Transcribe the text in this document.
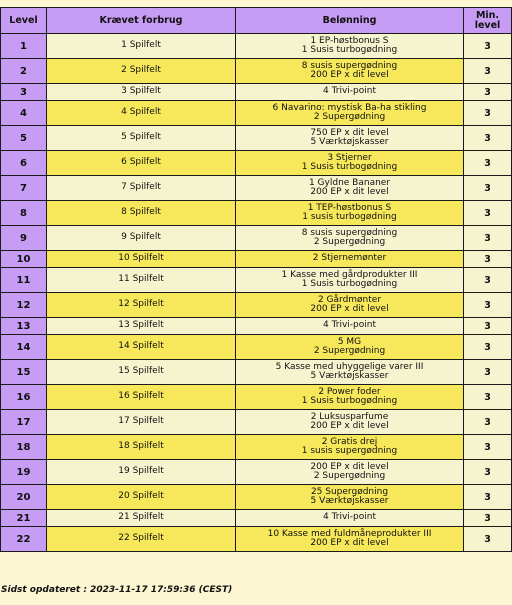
Level	Krævet forbrug	Belønning	Min.
level
1	1 Spilfelt	1 EP-høstbonus S
1 Susis turbogødning	3
2	2 Spilfelt	8 susis supergødning
200 EP x dit level	3
3	3 Spilfelt	4 Trivi-point	3
4	4 Spilfelt	6 Navarino: mystisk Ba-ha stikling
2 Supergødning	3
5	5 Spilfelt	750 EP x dit level
5 Værktøjskasser	3
6	6 Spilfelt	3 Stjerner
1 Susis turbogødning	3
7	7 Spilfelt	1 Gyldne Bananer
200 EP x dit level	3
8	8 Spilfelt	1 TEP-høstbonus S
1 susis turbogødning	3
9	9 Spilfelt	8 susis supergødning
2 Supergødning	3
10	10 Spilfelt	2 Stjernemønter	3
11	11 Spilfelt	1 Kasse med gårdprodukter III
1 Susis turbogødning	3
12	12 Spilfelt	2 Gårdmønter
200 EP x dit level	3
13	13 Spilfelt	4 Trivi-point	3
14	14 Spilfelt	5 MG
2 Supergødning	3
15	15 Spilfelt	5 Kasse med uhyggelige varer III
5 Værktøjskasser	3
16	16 Spilfelt	2 Power foder
1 Susis turbogødning	3
17	17 Spilfelt	2 Luksusparfume
200 EP x dit level	3
18	18 Spilfelt	2 Gratis drej
1 susis supergødning	3
19	19 Spilfelt	200 EP x dit level
2 Supergødning	3
20	20 Spilfelt	25 Supergødning
5 Værktøjskasser	3
21	21 Spilfelt	4 Trivi-point	3
22	22 Spilfelt	10 Kasse med fuldmåneprodukter III
200 EP x dit level	3
Sidst opdateret : 2023-11-17 17:59:36 (CEST)
